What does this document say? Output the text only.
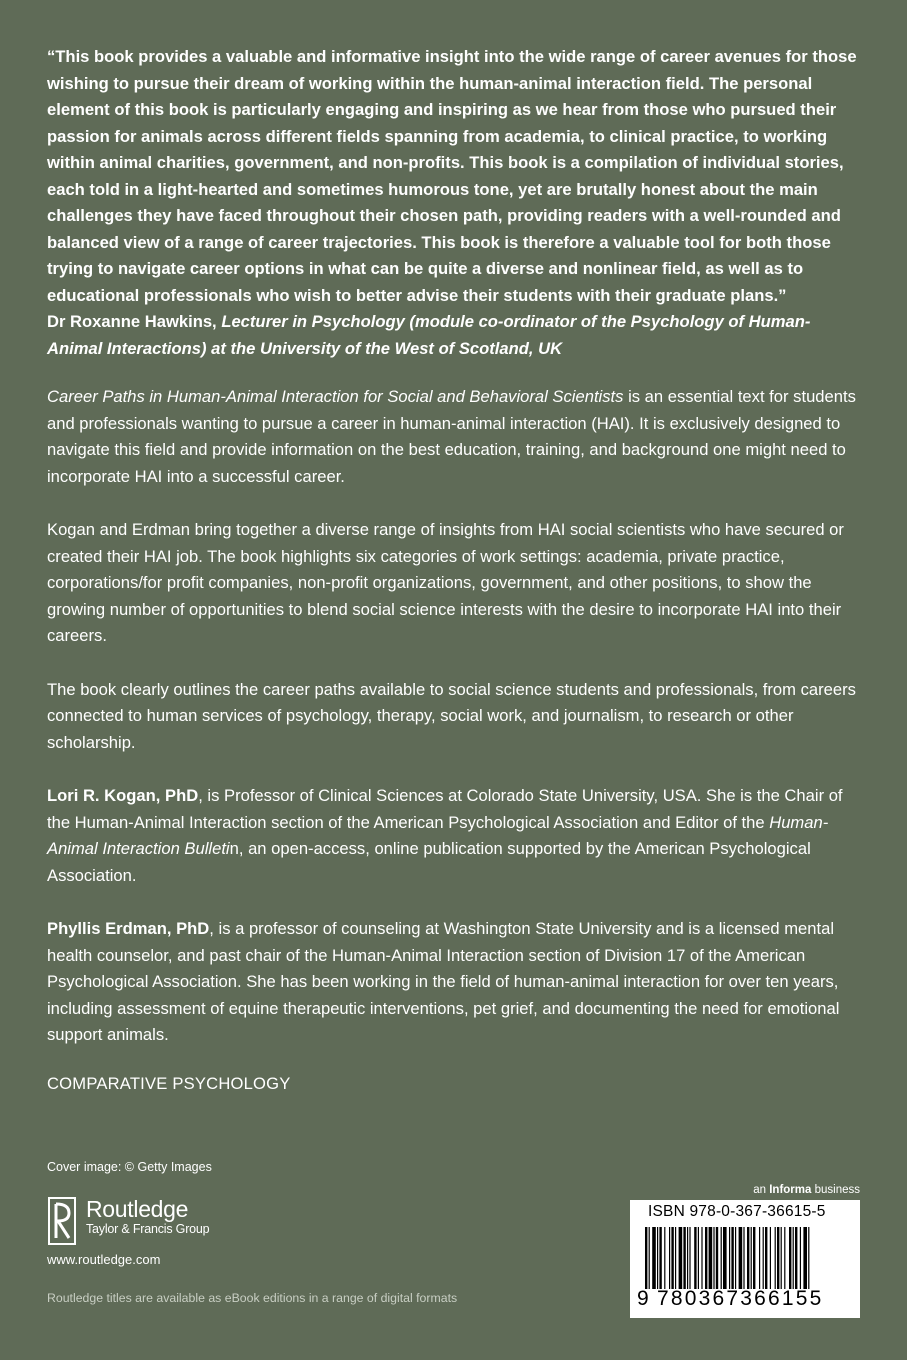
“This book provides a valuable and informative insight into the wide range of career avenues for those wishing to pursue their dream of working within the human-animal interaction field. The personal element of this book is particularly engaging and inspiring as we hear from those who pursued their passion for animals across different fields spanning from academia, to clinical practice, to working within animal charities, government, and non-profits. This book is a compilation of individual stories, each told in a light-hearted and sometimes humorous tone, yet are brutally honest about the main challenges they have faced throughout their chosen path, providing readers with a well-rounded and balanced view of a range of career trajectories. This book is therefore a valuable tool for both those trying to navigate career options in what can be quite a diverse and nonlinear field, as well as to educational professionals who wish to better advise their students with their graduate plans.”

Dr Roxanne Hawkins, Lecturer in Psychology (module co-ordinator of the Psychology of Human-Animal Interactions) at the University of the West of Scotland, UK

Career Paths in Human-Animal Interaction for Social and Behavioral Scientists is an essential text for students and professionals wanting to pursue a career in human-animal interaction (HAI). It is exclusively designed to navigate this field and provide information on the best education, training, and background one might need to incorporate HAI into a successful career.

Kogan and Erdman bring together a diverse range of insights from HAI social scientists who have secured or created their HAI job. The book highlights six categories of work settings: academia, private practice, corporations/for profit companies, non-profit organizations, government, and other positions, to show the growing number of opportunities to blend social science interests with the desire to incorporate HAI into their careers.

The book clearly outlines the career paths available to social science students and professionals, from careers connected to human services of psychology, therapy, social work, and journalism, to research or other scholarship.

Lori R. Kogan, PhD, is Professor of Clinical Sciences at Colorado State University, USA. She is the Chair of the Human-Animal Interaction section of the American Psychological Association and Editor of the Human-Animal Interaction Bulletin, an open-access, online publication supported by the American Psychological Association.

Phyllis Erdman, PhD, is a professor of counseling at Washington State University and is a licensed mental health counselor, and past chair of the Human-Animal Interaction section of Division 17 of the American Psychological Association. She has been working in the field of human-animal interaction for over ten years, including assessment of equine therapeutic interventions, pet grief, and documenting the need for emotional support animals.

COMPARATIVE PSYCHOLOGY
Cover image: © Getty Images
Routledge
Taylor & Francis Group
www.routledge.com
Routledge titles are available as eBook editions in a range of digital formats
an Informa business
ISBN 978-0-367-36615-5
9 780367366155
